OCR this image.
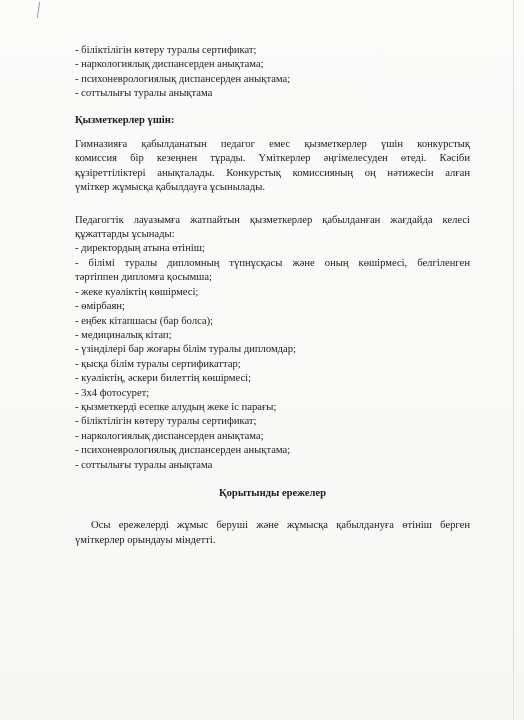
- біліктілігін көтеру туралы сертификат;
- наркологиялық диспансерден анықтама;
- психоневрологиялық диспансерден анықтама;
- соттылығы туралы анықтама
Қызметкерлер үшін:
Гимназияға қабылданатын педагог емес қызметкерлер үшін конкурстық
комиссия бір кезеңнен тұрады. Үміткерлер әңгімелесуден өтеді. Кәсіби
құзіреттіліктері анықталады. Конкурстық комиссияның оң нәтижесін алған
үміткер жұмысқа қабылдауға ұсынылады.
Педагогтік лауазымға жатпайтын қызметкерлер қабылданған жағдайда келесі
құжаттарды ұсынады:
- директордың атына өтініш;
- білімі туралы дипломның түпнұсқасы және оның көшірмесі, белгіленген
тәртіппен дипломға қосымша;
- жеке куәліктің көшірмесі;
- өмірбаян;
- еңбек кітапшасы (бар болса);
- медициналық кітап;
- үзінділері бар жоғары білім туралы дипломдар;
- қысқа білім туралы сертификаттар;
- куәліктің, әскери билеттің көшірмесі;
- 3х4 фотосурет;
- қызметкерді есепке алудың жеке іс парағы;
- біліктілігін көтеру туралы сертификат;
- наркологиялық диспансерден анықтама;
- психоневрологиялық диспансерден анықтама;
- соттылығы туралы анықтама
Қорытынды ережелер
Осы ережелерді жұмыс беруші және жұмысқа қабылдануға өтініш берген
үміткерлер орындауы міндетті.
